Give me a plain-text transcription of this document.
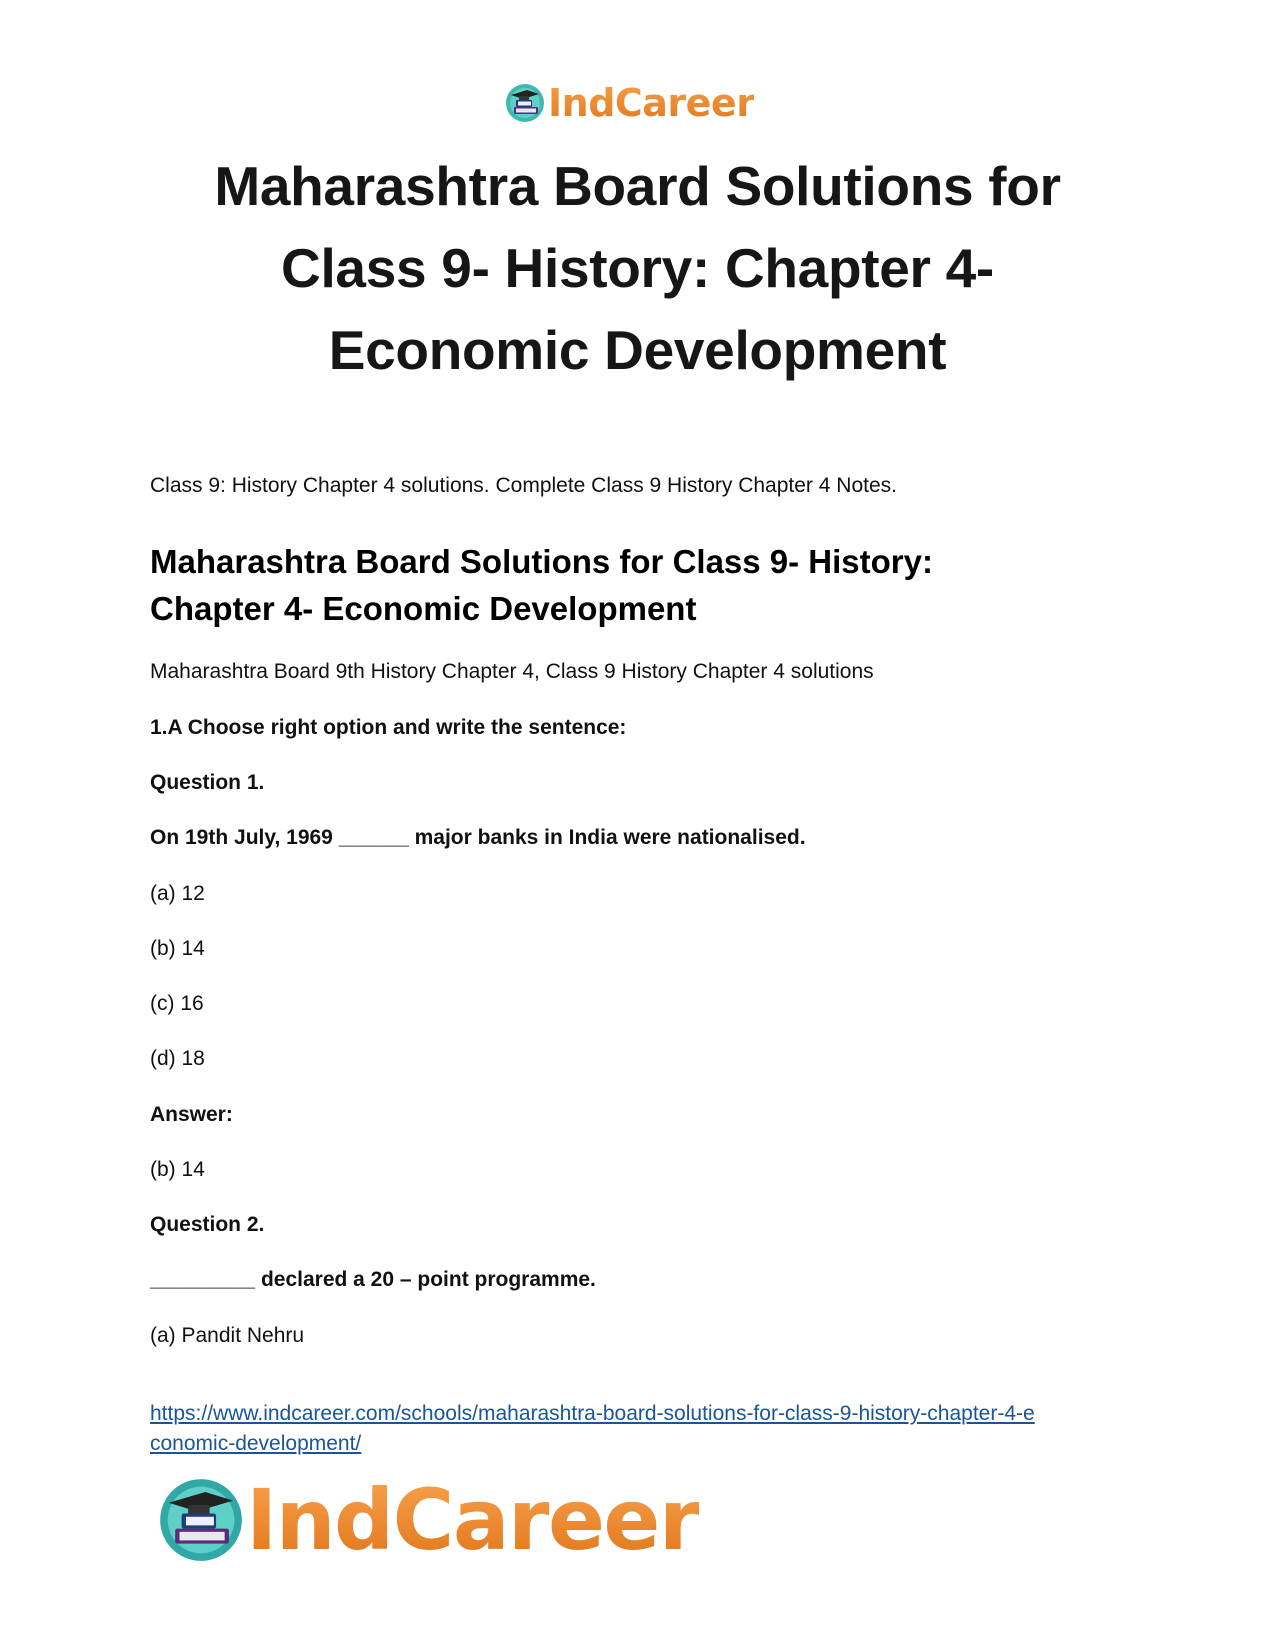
IndCareer
Maharashtra Board Solutions for
Class 9- History: Chapter 4-
Economic Development
Class 9: History Chapter 4 solutions. Complete Class 9 History Chapter 4 Notes.
Maharashtra Board Solutions for Class 9- History:
Chapter 4- Economic Development
Maharashtra Board 9th History Chapter 4, Class 9 History Chapter 4 solutions
1.A Choose right option and write the sentence:
Question 1.
On 19th July, 1969 ______ major banks in India were nationalised.
(a) 12
(b) 14
(c) 16
(d) 18
Answer:
(b) 14
Question 2.
_________ declared a 20 – point programme.
(a) Pandit Nehru
https://www.indcareer.com/schools/maharashtra-board-solutions-for-class-9-history-chapter-4-e
conomic-development/
IndCareer
